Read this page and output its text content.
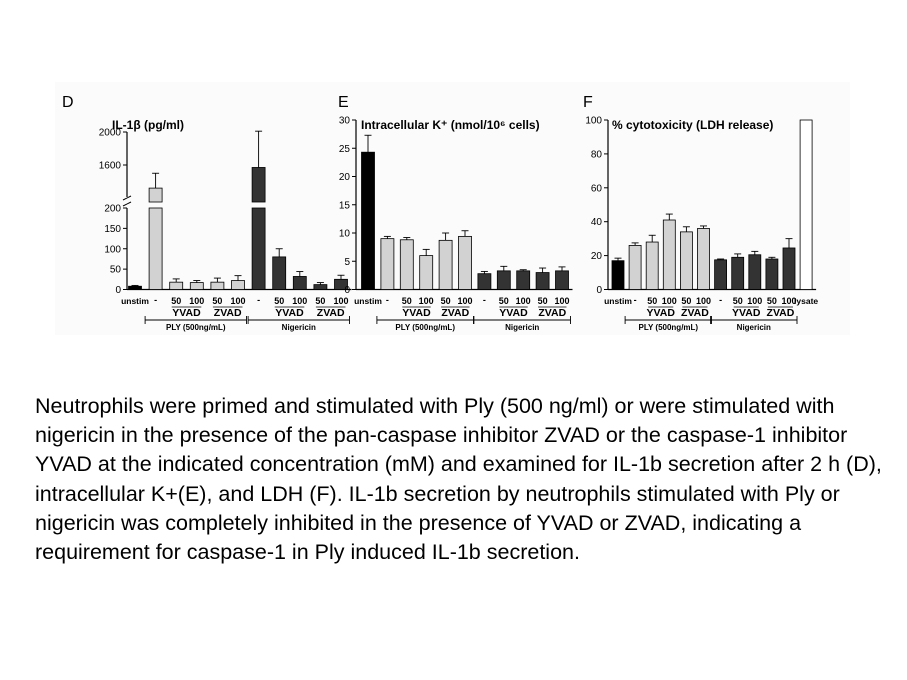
D
IL-1β (pg/ml)
0
50
100
150
200
1600
2000
unstim - 50 100 50 100 - 50 100 50 100
YVAD ZVAD	YVAD ZVAD
PLY (500ng/mL)	Nigericin
E
Intracellular K⁺ (nmol/10⁶ cells)
0
5
10
15
20
25
30
unstim - 50 100 50 100 - 50 100 50 100
YVAD ZVAD	YVAD ZVAD
PLY (500ng/mL)	Nigericin
F
% cytotoxicity (LDH release)
0
20
40
60
80
100
unstim - 50 100 50 100 - 50 100 50 100
lysate
YVAD ZVAD YVAD ZVAD
PLY (500ng/mL)	Nigericin

Neutrophils were primed and stimulated with Ply (500 ng/ml) or were stimulated with nigericin in the presence of the pan-caspase inhibitor ZVAD or the caspase-1 inhibitor YVAD at the indicated concentration (mM) and examined for IL-1b secretion after 2 h (D), intracellular K+(E), and LDH (F). IL-1b secretion by neutrophils stimulated with Ply or nigericin was completely inhibited in the presence of YVAD or ZVAD, indicating a requirement for caspase-1 in Ply induced IL-1b secretion.
